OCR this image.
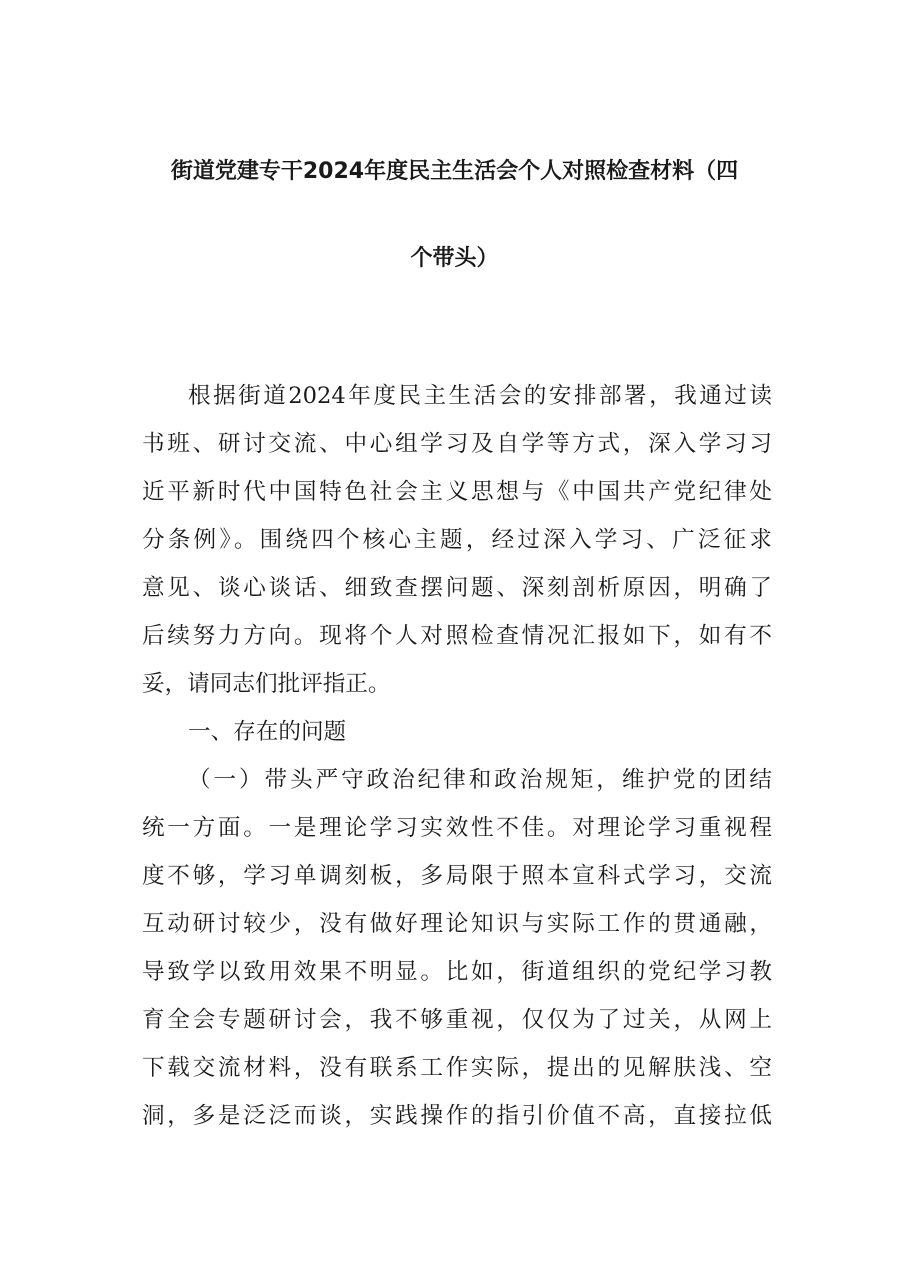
街道党建专干2024年度民主生活会个人对照检查材料（四
个带头）
根据街道2024年度民主生活会的安排部署，我通过读
书班、研讨交流、中心组学习及自学等方式，深入学习习
近平新时代中国特色社会主义思想与《中国共产党纪律处
分条例》。围绕四个核心主题，经过深入学习、广泛征求
意见、谈心谈话、细致查摆问题、深刻剖析原因，明确了
后续努力方向。现将个人对照检查情况汇报如下，如有不
妥，请同志们批评指正。
一、存在的问题
（一）带头严守政治纪律和政治规矩，维护党的团结
统一方面。一是理论学习实效性不佳。对理论学习重视程
度不够，学习单调刻板，多局限于照本宣科式学习，交流
互动研讨较少，没有做好理论知识与实际工作的贯通融，
导致学以致用效果不明显。比如，街道组织的党纪学习教
育全会专题研讨会，我不够重视，仅仅为了过关，从网上
下载交流材料，没有联系工作实际，提出的见解肤浅、空
洞，多是泛泛而谈，实践操作的指引价值不高，直接拉低
